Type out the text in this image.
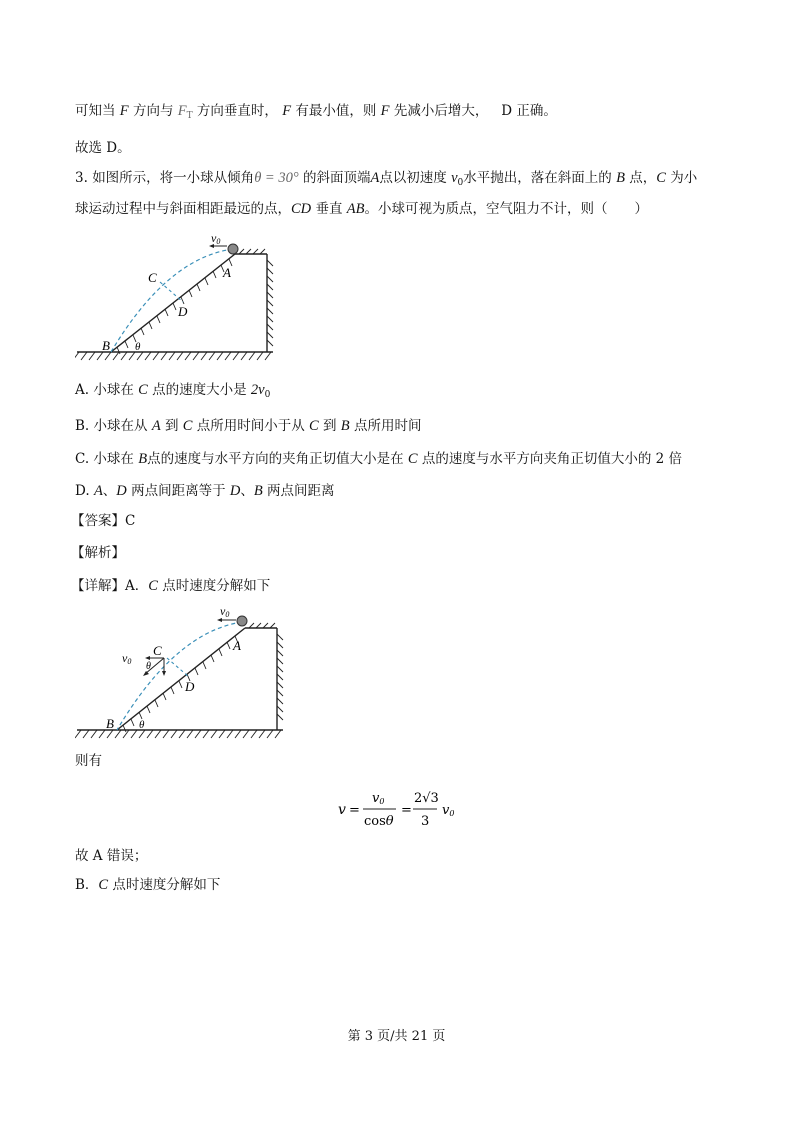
可知当 F 方向与 $F_T$ 方向垂直时， F 有最小值，则 F 先减小后增大， D 正确。
故选 D。
3. 如图所示，将一小球从倾角θ = 30° 的斜面顶端A点以初速度 $v_0$水平抛出，落在斜面上的 B 点，C 为小
球运动过程中与斜面相距最远的点，CD 垂直 AB。小球可视为质点，空气阻力不计，则（　　）
v0
A
B
C
D
θ
A. 小球在 C 点的速度大小是 $2v_0$
B. 小球在从 A 到 C 点所用时间小于从 C 到 B 点所用时间
C. 小球在 B点的速度与水平方向的夹角正切值大小是在 C 点的速度与水平方向夹角正切值大小的 2 倍
D. A、D 两点间距离等于 D、B 两点间距离
【答案】C
【解析】
【详解】A．C 点时速度分解如下
v0
v0
C
θ
A
D
B θ
则有
v =
v0
cosθ
=
2√3
3
v0
故 A 错误；
B．C 点时速度分解如下
第 3 页/共 21 页
